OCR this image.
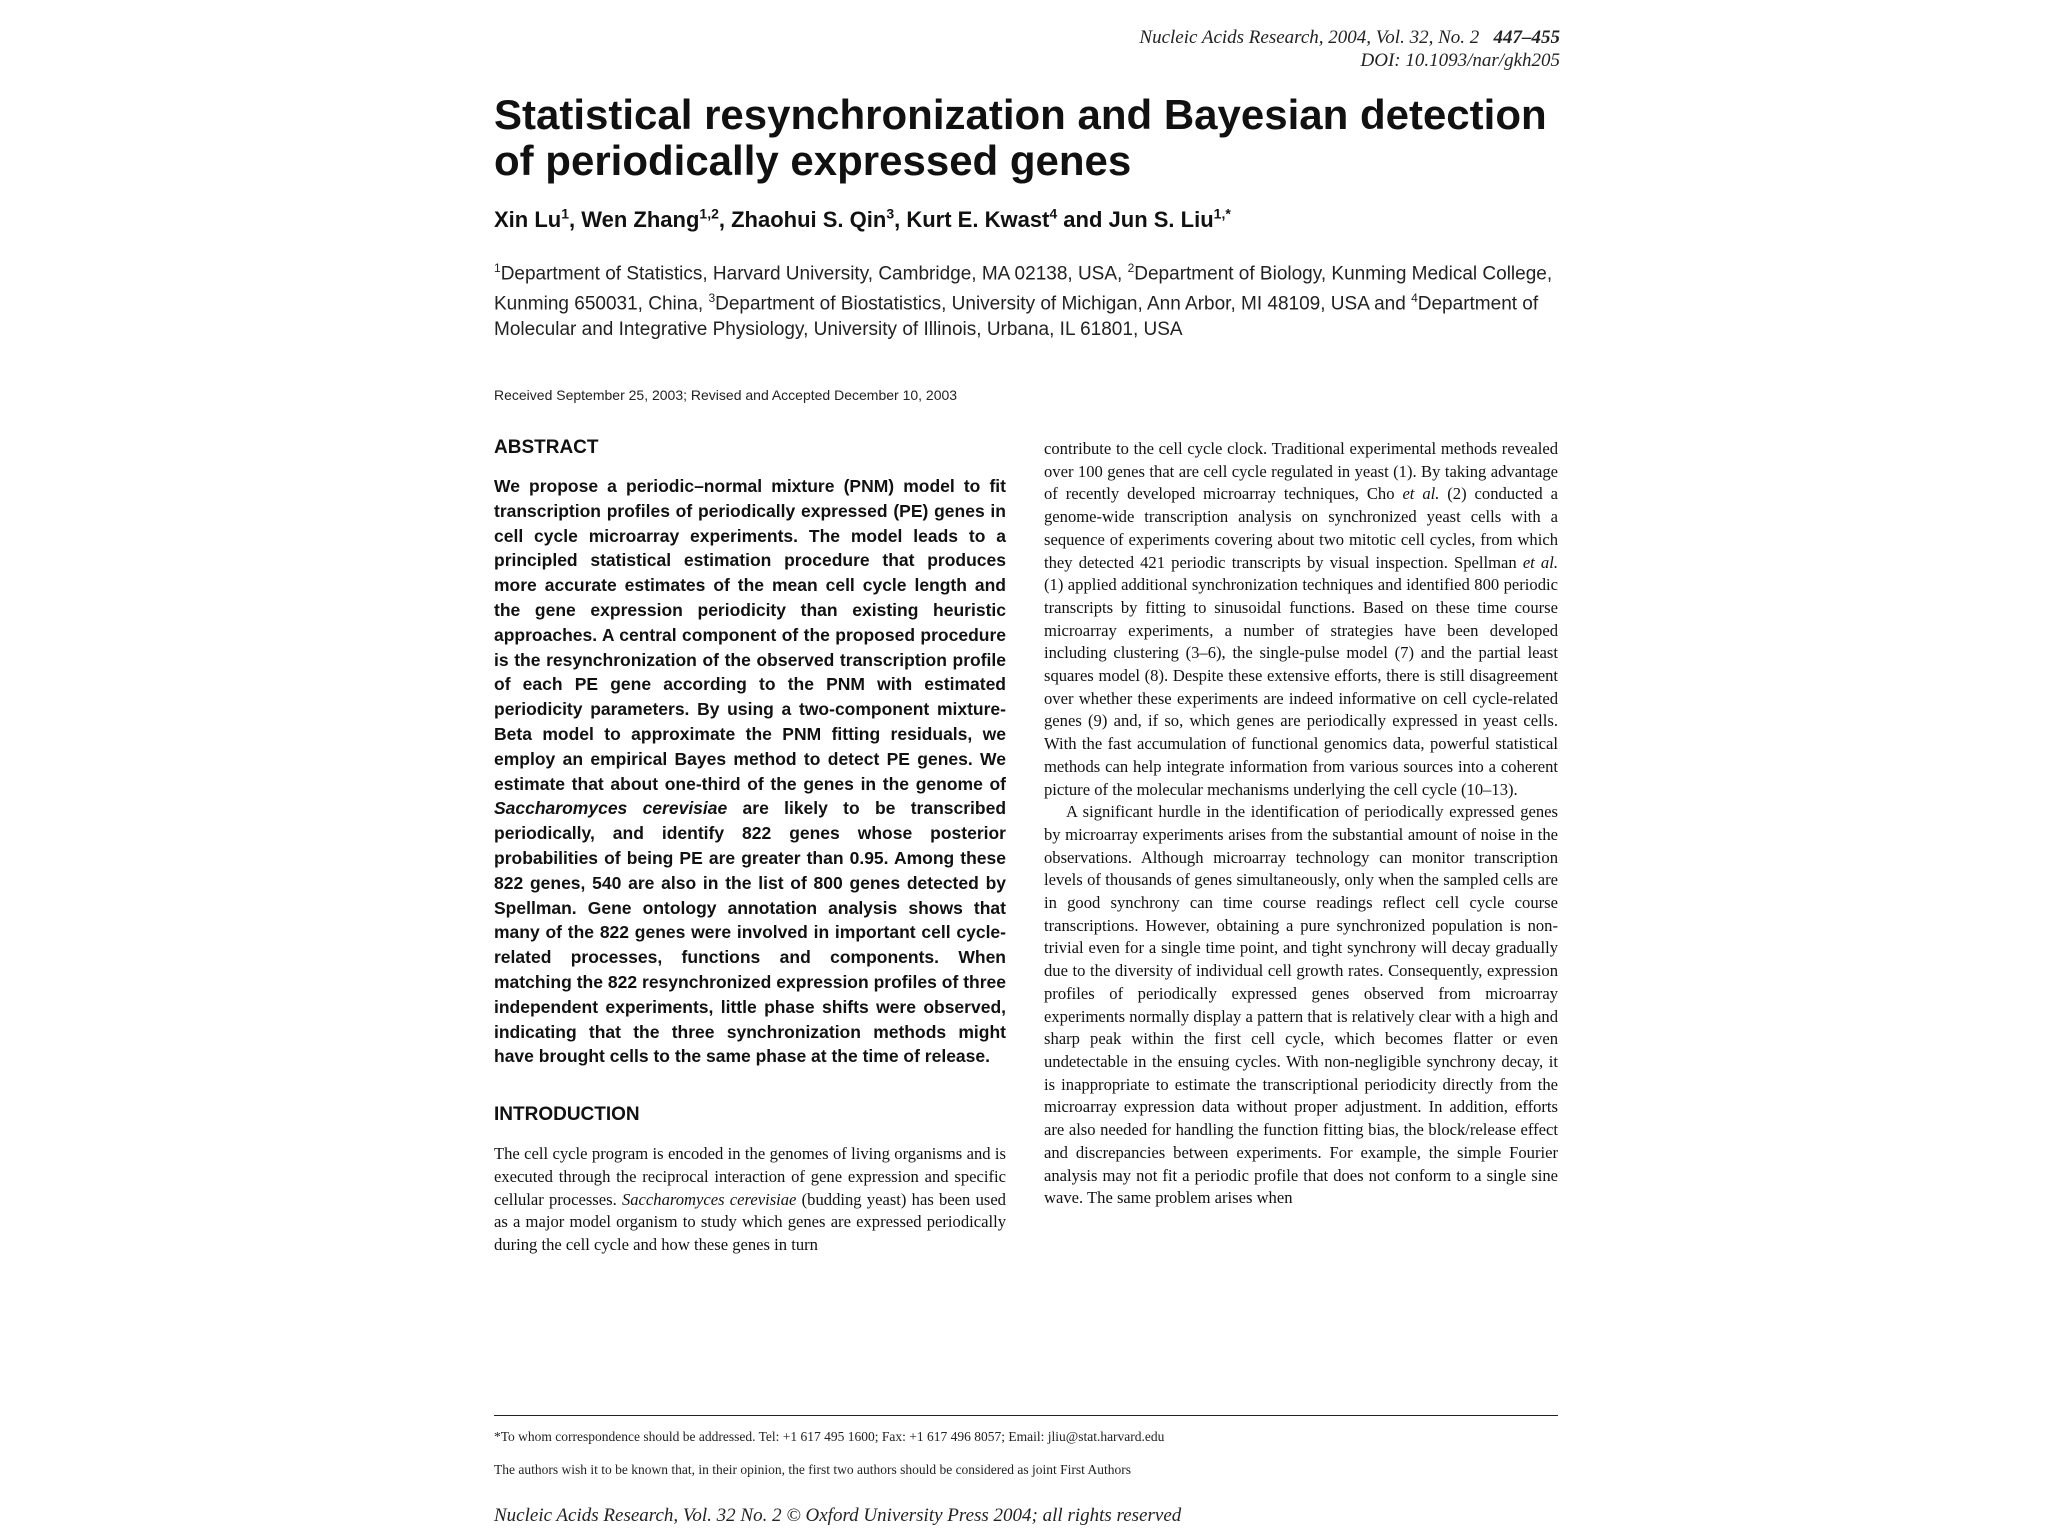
Nucleic Acids Research, 2004, Vol. 32, No. 2 447–455
DOI: 10.1093/nar/gkh205
Statistical resynchronization and Bayesian detection of periodically expressed genes
Xin Lu$^1$, Wen Zhang$^{1,2}$, Zhaohui S. Qin$^3$, Kurt E. Kwast$^4$ and Jun S. Liu$^{1,*}$
$^1$Department of Statistics, Harvard University, Cambridge, MA 02138, USA, $^2$Department of Biology, Kunming Medical College, Kunming 650031, China, $^3$Department of Biostatistics, University of Michigan, Ann Arbor, MI 48109, USA and $^4$Department of Molecular and Integrative Physiology, University of Illinois, Urbana, IL 61801, USA
Received September 25, 2003; Revised and Accepted December 10, 2003
ABSTRACT

We propose a periodic–normal mixture (PNM) model to fit transcription profiles of periodically expressed (PE) genes in cell cycle microarray experiments. The model leads to a principled statistical estimation procedure that produces more accurate estimates of the mean cell cycle length and the gene expression periodicity than existing heuristic approaches. A central component of the proposed procedure is the resynchronization of the observed transcription profile of each PE gene according to the PNM with estimated periodicity parameters. By using a two-component mixture-Beta model to approximate the PNM fitting residuals, we employ an empirical Bayes method to detect PE genes. We estimate that about one-third of the genes in the genome of Saccharomyces cerevisiae are likely to be transcribed periodically, and identify 822 genes whose posterior probabilities of being PE are greater than 0.95. Among these 822 genes, 540 are also in the list of 800 genes detected by Spellman. Gene ontology annotation analysis shows that many of the 822 genes were involved in important cell cycle-related processes, functions and components. When matching the 822 resynchronized expression profiles of three independent experiments, little phase shifts were observed, indicating that the three synchronization methods might have brought cells to the same phase at the time of release.

INTRODUCTION

The cell cycle program is encoded in the genomes of living organisms and is executed through the reciprocal interaction of gene expression and specific cellular processes. Saccharomyces cerevisiae (budding yeast) has been used as a major model organism to study which genes are expressed periodically during the cell cycle and how these genes in turn

contribute to the cell cycle clock. Traditional experimental methods revealed over 100 genes that are cell cycle regulated in yeast (1). By taking advantage of recently developed microarray techniques, Cho et al. (2) conducted a genome-wide transcription analysis on synchronized yeast cells with a sequence of experiments covering about two mitotic cell cycles, from which they detected 421 periodic transcripts by visual inspection. Spellman et al. (1) applied additional synchronization techniques and identified 800 periodic transcripts by fitting to sinusoidal functions. Based on these time course microarray experiments, a number of strategies have been developed including clustering (3–6), the single-pulse model (7) and the partial least squares model (8). Despite these extensive efforts, there is still disagreement over whether these experiments are indeed informative on cell cycle-related genes (9) and, if so, which genes are periodically expressed in yeast cells. With the fast accumulation of functional genomics data, powerful statistical methods can help integrate information from various sources into a coherent picture of the molecular mechanisms underlying the cell cycle (10–13).

A significant hurdle in the identification of periodically expressed genes by microarray experiments arises from the substantial amount of noise in the observations. Although microarray technology can monitor transcription levels of thousands of genes simultaneously, only when the sampled cells are in good synchrony can time course readings reflect cell cycle course transcriptions. However, obtaining a pure synchronized population is non-trivial even for a single time point, and tight synchrony will decay gradually due to the diversity of individual cell growth rates. Consequently, expression profiles of periodically expressed genes observed from microarray experiments normally display a pattern that is relatively clear with a high and sharp peak within the first cell cycle, which becomes flatter or even undetectable in the ensuing cycles. With non-negligible synchrony decay, it is inappropriate to estimate the transcriptional periodicity directly from the microarray expression data without proper adjustment. In addition, efforts are also needed for handling the function fitting bias, the block/release effect and discrepancies between experiments. For example, the simple Fourier analysis may not fit a periodic profile that does not conform to a single sine wave. The same problem arises when

*To whom correspondence should be addressed. Tel: +1 617 495 1600; Fax: +1 617 496 8057; Email: jliu@stat.harvard.edu
The authors wish it to be known that, in their opinion, the first two authors should be considered as joint First Authors
Nucleic Acids Research, Vol. 32 No. 2 © Oxford University Press 2004; all rights reserved
